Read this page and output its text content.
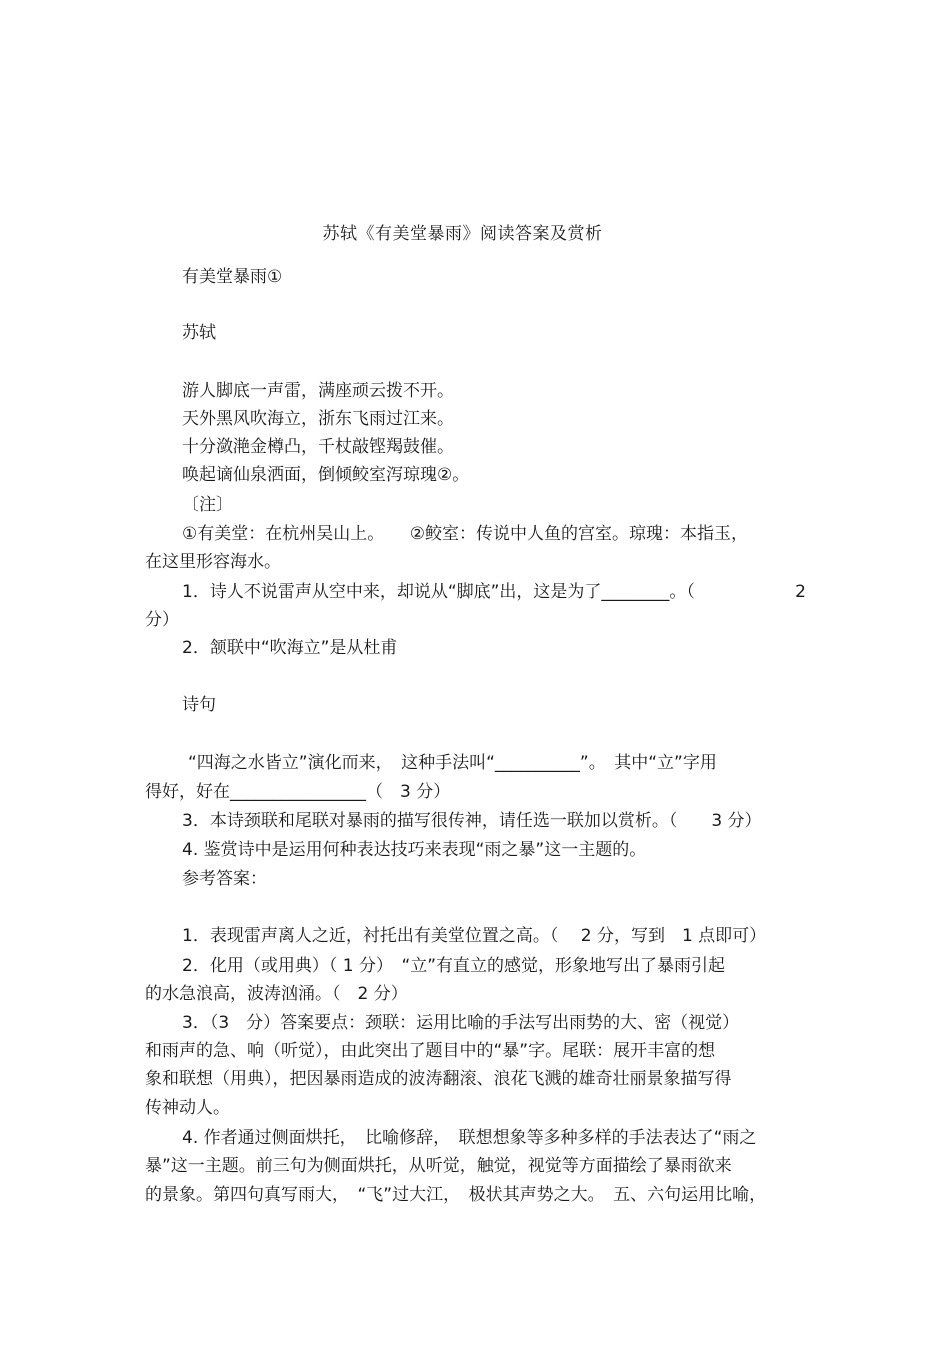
苏轼《有美堂暴雨》阅读答案及赏析
有美堂暴雨①
苏轼
游人脚底一声雷，满座顽云拨不开。
天外黑风吹海立，浙东飞雨过江来。
十分潋滟金樽凸，千杖敲铿羯鼓催。
唤起谪仙泉洒面，倒倾鲛室泻琼瑰②。
〔注〕
①有美堂：在杭州吴山上。　　②鲛室：传说中人鱼的宫室。琼瑰：本指玉，
在这里形容海水。
1．诗人不说雷声从空中来，却说从“脚底”出，这是为了________。（	2
分）
2．颔联中“吹海立”是从杜甫
诗句
“四海之水皆立”演化而来，　这种手法叫“__________”。　其中“立”字用
得好，好在________________（　3 分）
3．本诗颈联和尾联对暴雨的描写很传神，请任选一联加以赏析。（　　3 分）
4. 鉴赏诗中是运用何种表达技巧来表现“雨之暴”这一主题的。
参考答案：
1．表现雷声离人之近，衬托出有美堂位置之高。（　 2 分，写到　1 点即可）
2．化用（或用典）（ 1 分）　“立”有直立的感觉，形象地写出了暴雨引起
的水急浪高，波涛汹涌。（　2 分）
3．（3　分）答案要点：颈联：运用比喻的手法写出雨势的大、密（视觉）
和雨声的急、响（听觉），由此突出了题目中的“暴”字。尾联：展开丰富的想
象和联想（用典），把因暴雨造成的波涛翻滚、浪花飞溅的雄奇壮丽景象描写得
传神动人。
4. 作者通过侧面烘托，　比喻修辞，　联想想象等多种多样的手法表达了“雨之
暴”这一主题。前三句为侧面烘托，从听觉，触觉，视觉等方面描绘了暴雨欲来
的景象。第四句真写雨大，　“飞”过大江，　极状其声势之大。　五、六句运用比喻，
